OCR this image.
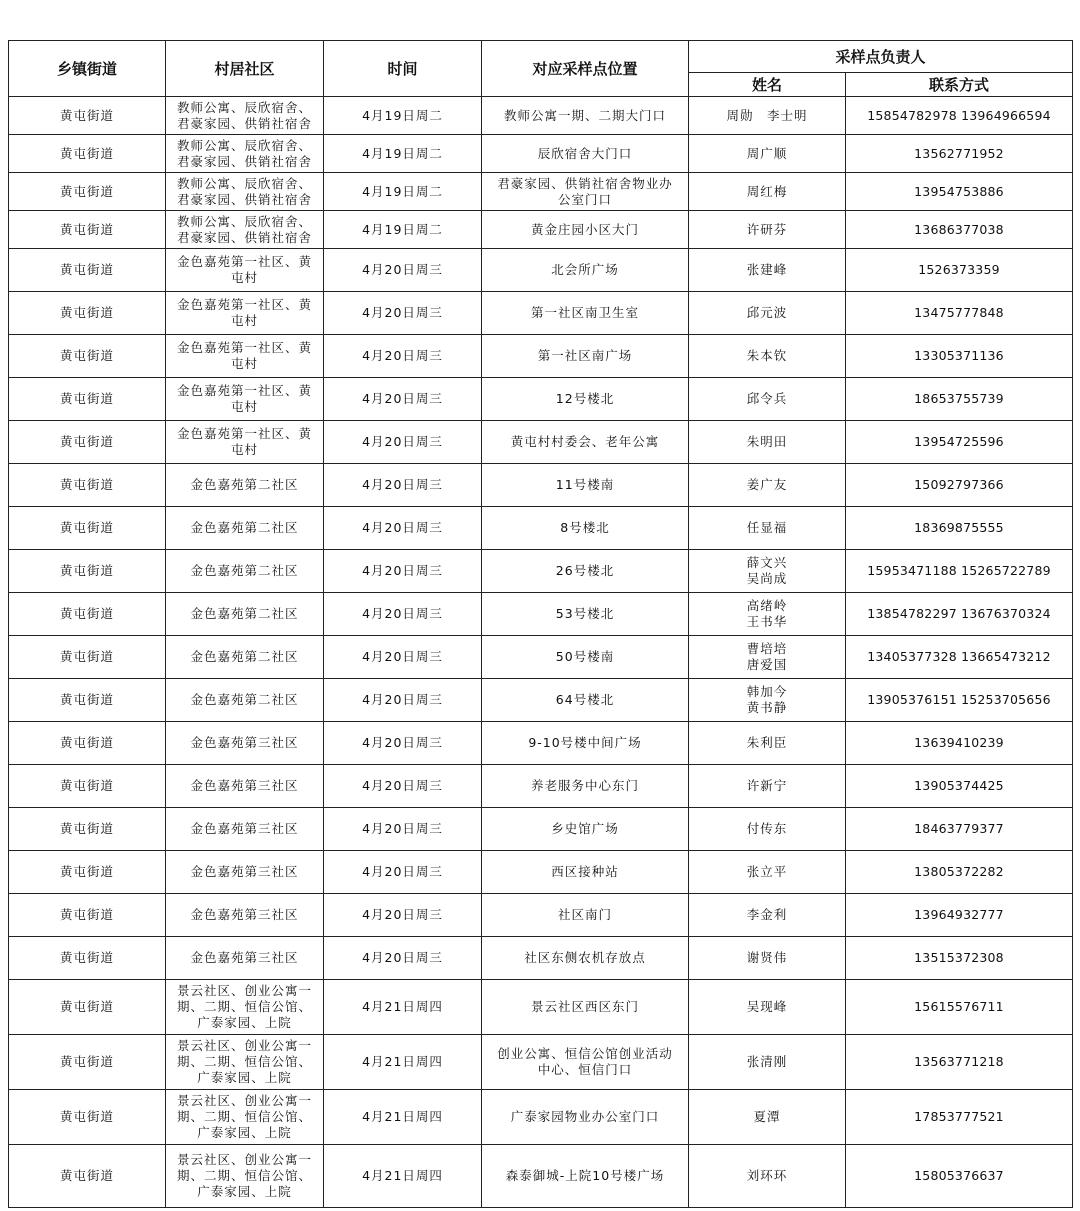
乡镇街道	村居社区	时间	对应采样点位置	采样点负责人	
				姓名	联系方式
黄屯街道	教师公寓、辰欣宿舍、
君豪家园、供销社宿舍	4月19日周二	教师公寓一期、二期大门口	周勋　李士明	15854782978 13964966594

黄屯街道	教师公寓、辰欣宿舍、
君豪家园、供销社宿舍	4月19日周二	辰欣宿舍大门口	周广顺	13562771952

黄屯街道	教师公寓、辰欣宿舍、
君豪家园、供销社宿舍	4月19日周二	君豪家园、供销社宿舍物业办
公室门口	周红梅	13954753886

黄屯街道	教师公寓、辰欣宿舍、
君豪家园、供销社宿舍	4月19日周二	黄金庄园小区大门	许研芬	13686377038

黄屯街道	金色嘉苑第一社区、黄
屯村	4月20日周三	北会所广场	张建峰	1526373359

黄屯街道	金色嘉苑第一社区、黄
屯村	4月20日周三	第一社区南卫生室	邱元波	13475777848

黄屯街道	金色嘉苑第一社区、黄
屯村	4月20日周三	第一社区南广场	朱本钦	13305371136

黄屯街道	金色嘉苑第一社区、黄
屯村	4月20日周三	12号楼北	邱令兵	18653755739

黄屯街道	金色嘉苑第一社区、黄
屯村	4月20日周三	黄屯村村委会、老年公寓	朱明田	13954725596

黄屯街道	金色嘉苑第二社区	4月20日周三	11号楼南	姜广友	15092797366

黄屯街道	金色嘉苑第二社区	4月20日周三	8号楼北	任显福	18369875555

黄屯街道	金色嘉苑第二社区	4月20日周三	26号楼北	薛文兴
吴尚成	15953471188 15265722789

黄屯街道	金色嘉苑第二社区	4月20日周三	53号楼北	高绪岭
王书华	13854782297 13676370324

黄屯街道	金色嘉苑第二社区	4月20日周三	50号楼南	曹培培
唐爱国	13405377328 13665473212

黄屯街道	金色嘉苑第二社区	4月20日周三	64号楼北	韩加今
黄书静	13905376151 15253705656

黄屯街道	金色嘉苑第三社区	4月20日周三	9-10号楼中间广场	朱利臣	13639410239

黄屯街道	金色嘉苑第三社区	4月20日周三	养老服务中心东门	许新宁	13905374425

黄屯街道	金色嘉苑第三社区	4月20日周三	乡史馆广场	付传东	18463779377

黄屯街道	金色嘉苑第三社区	4月20日周三	西区接种站	张立平	13805372282

黄屯街道	金色嘉苑第三社区	4月20日周三	社区南门	李金利	13964932777

黄屯街道	金色嘉苑第三社区	4月20日周三	社区东侧农机存放点	谢贤伟	13515372308

黄屯街道	景云社区、创业公寓一
期、二期、恒信公馆、
广泰家园、上院	4月21日周四	景云社区西区东门	吴现峰	15615576711

黄屯街道	景云社区、创业公寓一
期、二期、恒信公馆、
广泰家园、上院	4月21日周四	创业公寓、恒信公馆创业活动
中心、恒信门口	张清刚	13563771218

黄屯街道	景云社区、创业公寓一
期、二期、恒信公馆、
广泰家园、上院	4月21日周四	广泰家园物业办公室门口	夏潭	17853777521

黄屯街道	景云社区、创业公寓一
期、二期、恒信公馆、
广泰家园、上院	4月21日周四	森泰御城-上院10号楼广场	刘环环	15805376637
